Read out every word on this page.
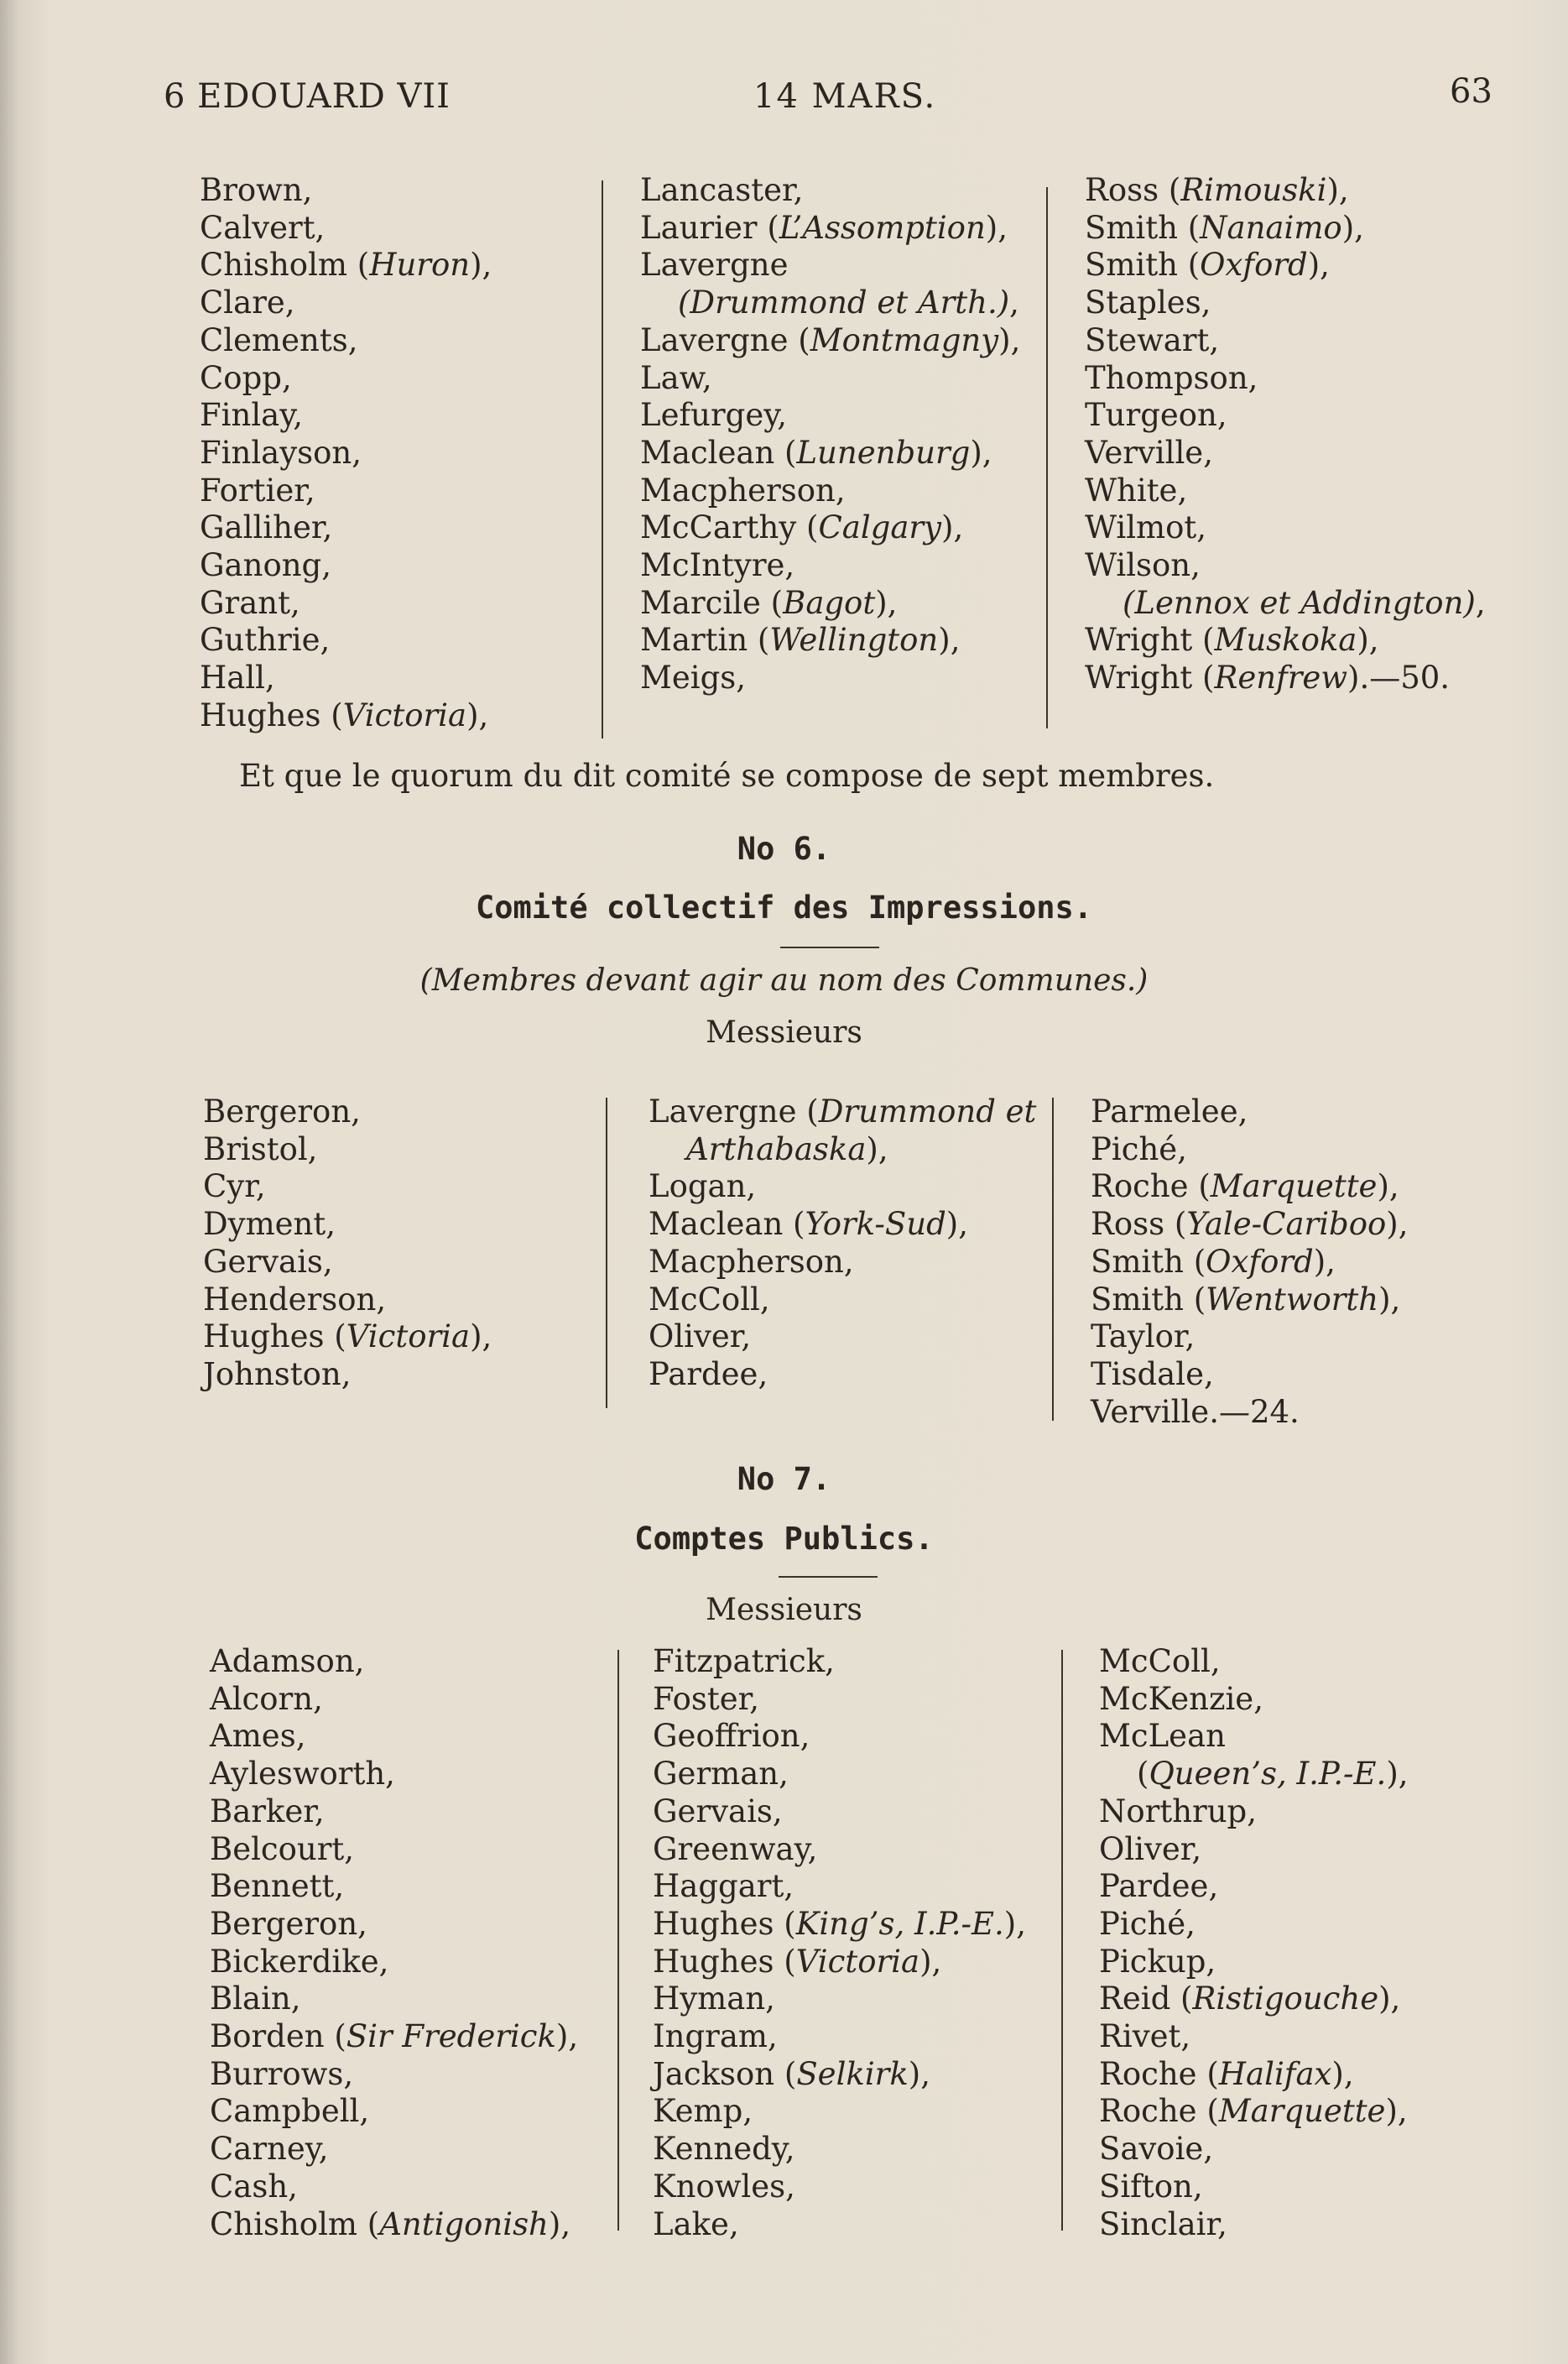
6 EDOUARD VII	14 MARS.	63
Brown,
Calvert,
Chisholm (Huron),
Clare,
Clements,
Copp,
Finlay,
Finlayson,
Fortier,
Galliher,
Ganong,
Grant,
Guthrie,
Hall,
Hughes (Victoria),
Lancaster,
Laurier (L’Assomption),
Lavergne
(Drummond et Arth.),
Lavergne (Montmagny),
Law,
Lefurgey,
Maclean (Lunenburg),
Macpherson,
McCarthy (Calgary),
McIntyre,
Marcile (Bagot),
Martin (Wellington),
Meigs,
Ross (Rimouski),
Smith (Nanaimo),
Smith (Oxford),
Staples,
Stewart,
Thompson,
Turgeon,
Verville,
White,
Wilmot,
Wilson,
(Lennox et Addington),
Wright (Muskoka),
Wright (Renfrew).—50.
Et que le quorum du dit comité se compose de sept membres.
No 6.
Comité collectif des Impressions.
(Membres devant agir au nom des Communes.)
Messieurs
Bergeron,
Bristol,
Cyr,
Dyment,
Gervais,
Henderson,
Hughes (Victoria),
Johnston,
Lavergne (Drummond et
Arthabaska),
Logan,
Maclean (York-Sud),
Macpherson,
McColl,
Oliver,
Pardee,
Parmelee,
Piché,
Roche (Marquette),
Ross (Yale-Cariboo),
Smith (Oxford),
Smith (Wentworth),
Taylor,
Tisdale,
Verville.—24.
No 7.
Comptes Publics.
Messieurs
Adamson,
Alcorn,
Ames,
Aylesworth,
Barker,
Belcourt,
Bennett,
Bergeron,
Bickerdike,
Blain,
Borden (Sir Frederick),
Burrows,
Campbell,
Carney,
Cash,
Chisholm (Antigonish),
Fitzpatrick,
Foster,
Geoffrion,
German,
Gervais,
Greenway,
Haggart,
Hughes (King’s, I.P.-E.),
Hughes (Victoria),
Hyman,
Ingram,
Jackson (Selkirk),
Kemp,
Kennedy,
Knowles,
Lake,
McColl,
McKenzie,
McLean
(Queen’s, I.P.-E.),
Northrup,
Oliver,
Pardee,
Piché,
Pickup,
Reid (Ristigouche),
Rivet,
Roche (Halifax),
Roche (Marquette),
Savoie,
Sifton,
Sinclair,
